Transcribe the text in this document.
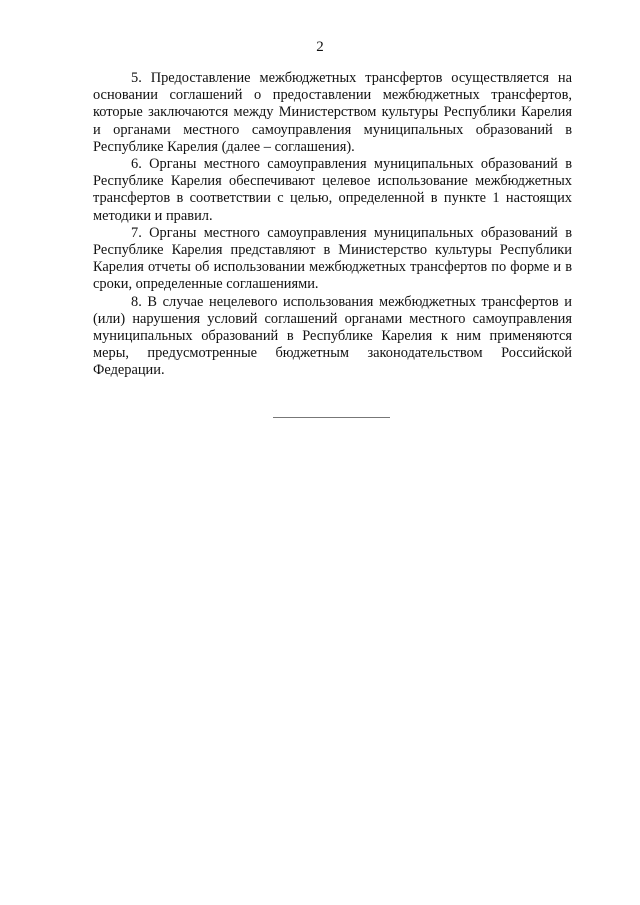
2

5. Предоставление межбюджетных трансфертов осуществляется на основании соглашений о предоставлении межбюджетных трансфертов, которые заключаются между Министерством культуры Республики Карелия и органами местного самоуправления муниципальных образований в Республике Карелия (далее – соглашения).

6. Органы местного самоуправления муниципальных образований в Республике Карелия обеспечивают целевое использование межбюджетных трансфертов в соответствии с целью, определенной в пункте 1 настоящих методики и правил.

7. Органы местного самоуправления муниципальных образований в Республике Карелия представляют в Министерство культуры Республики Карелия отчеты об использовании межбюджетных трансфертов по форме и в сроки, определенные соглашениями.

8. В случае нецелевого использования межбюджетных трансфертов и (или) нарушения условий соглашений органами местного самоуправления муниципальных образований в Республике Карелия к ним применяются меры, предусмотренные бюджетным законодательством Российской Федерации.
